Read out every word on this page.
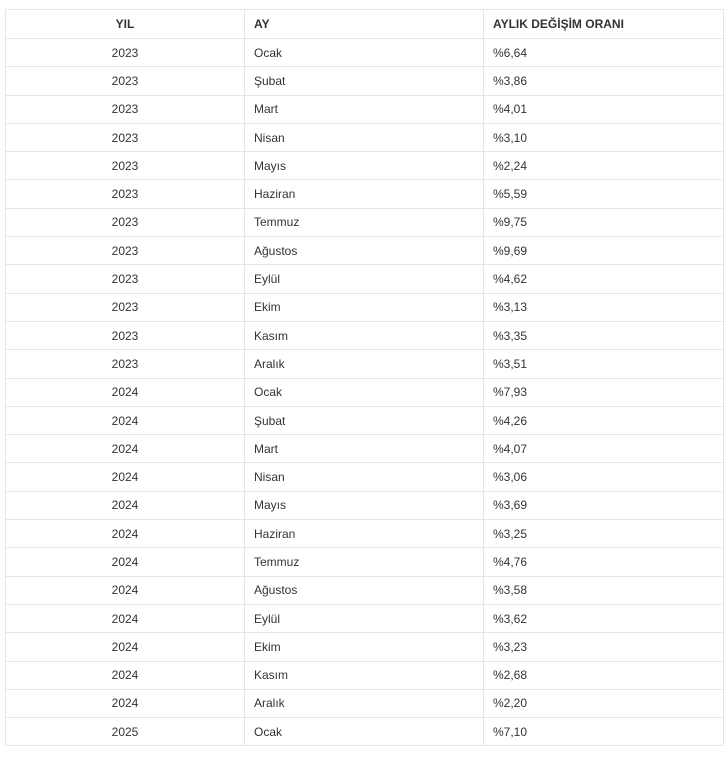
YIL	AY	AYLIK DEĞİŞİM ORANI
2023	Ocak	%6,64
2023	Şubat	%3,86
2023	Mart	%4,01
2023	Nisan	%3,10
2023	Mayıs	%2,24
2023	Haziran	%5,59
2023	Temmuz	%9,75
2023	Ağustos	%9,69
2023	Eylül	%4,62
2023	Ekim	%3,13
2023	Kasım	%3,35
2023	Aralık	%3,51
2024	Ocak	%7,93
2024	Şubat	%4,26
2024	Mart	%4,07
2024	Nisan	%3,06
2024	Mayıs	%3,69
2024	Haziran	%3,25
2024	Temmuz	%4,76
2024	Ağustos	%3,58
2024	Eylül	%3,62
2024	Ekim	%3,23
2024	Kasım	%2,68
2024	Aralık	%2,20
2025	Ocak	%7,10
